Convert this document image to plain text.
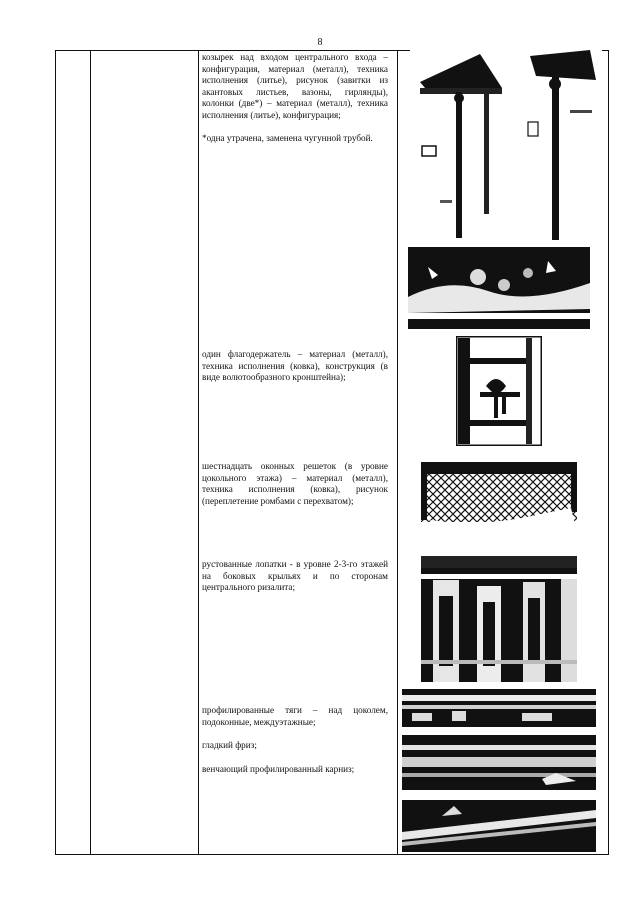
8

козырек над входом центрального входа – конфигурация, материал (металл), техника исполнения (литье), рисунок (завитки из акантовых листьев, вазоны, гирлянды), колонки (две*) – материал (металл), техника исполнения (литье), конфигурация;
*одна утрачена, заменена чугунной трубой.

один флагодержатель – материал (металл), техника исполнения (ковка), конструкция (в виде волютообразного кронштейна);

шестнадцать оконных решеток (в уровне цокольного этажа) – материал (металл), техника исполнения (ковка), рисунок (переплетение ромбами с перехватом);

рустованные лопатки - в уровне 2-3-го этажей на боковых крыльях и по сторонам центрального ризалита;

профилированные тяги – над цоколем, подоконные, междуэтажные;
гладкий фриз;
венчающий профилированный карниз;
